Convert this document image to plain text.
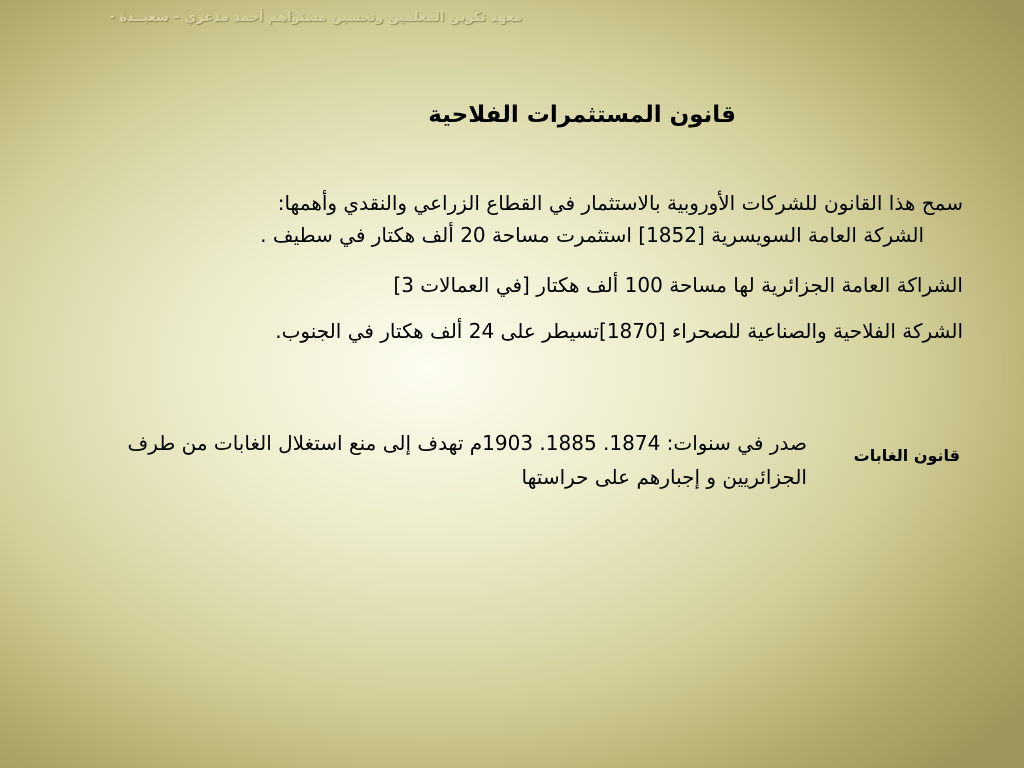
معهد تكوين المعلمين وتحسين مستواهم أحمد مدغري – سعيــدة -
قانون المستثمرات الفلاحية

سمح هذا القانون للشركات الأوروبية بالاستثمار في القطاع الزراعي والنقدي وأهمها:

الشركة العامة السويسرية [1852] استثمرت مساحة 20 ألف هكتار في سطيف .

الشراكة العامة الجزائرية لها مساحة 100 ألف هكتار [في العمالات 3]

الشركة الفلاحية والصناعية للصحراء [1870]تسيطر على 24 ألف هكتار في الجنوب.

قانون الغابات

صدر في سنوات: 1874. 1885. 1903م تهدف إلى منع استغلال الغابات من طرف الجزائريين و إجبارهم على حراستها
